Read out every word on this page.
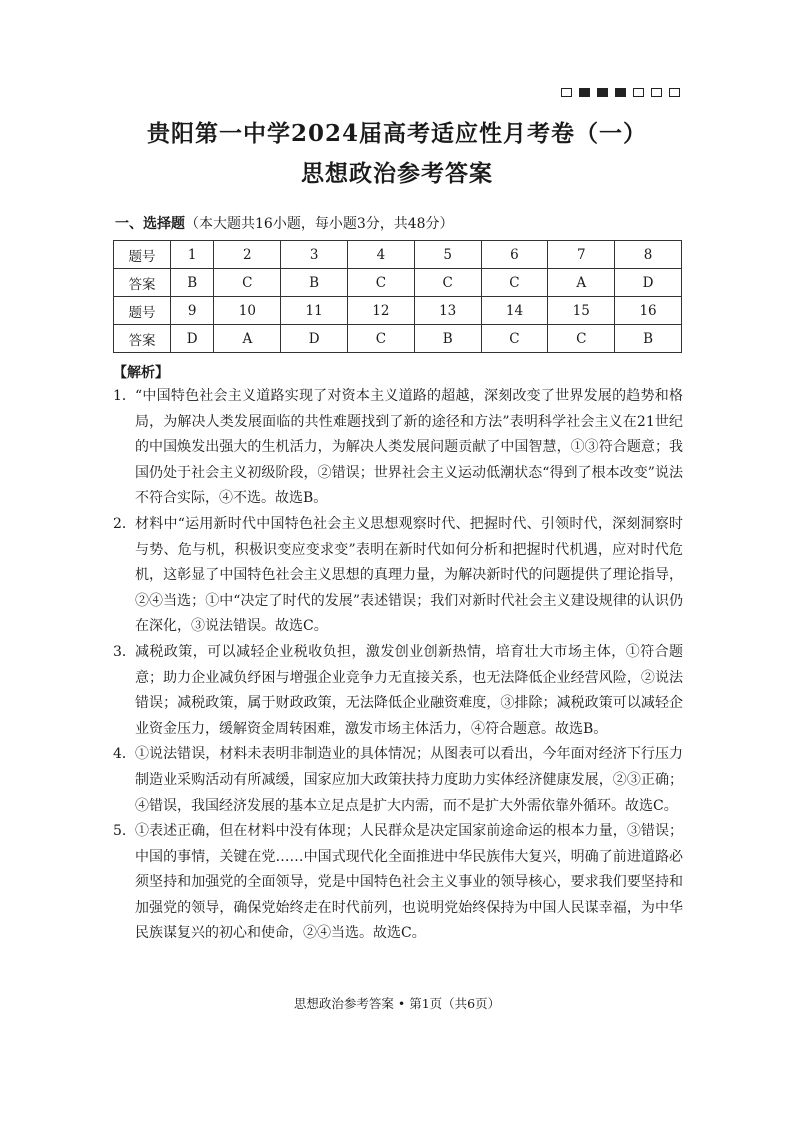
贵阳第一中学2024届高考适应性月考卷（一）
思想政治参考答案
一、选择题（本大题共16小题，每小题3分，共48分）
题号	1	2	3	4	5	6	7	8
答案	B	C	B	C	C	C	A	D
题号	9	10	11	12	13	14	15	16
答案	D	A	D	C	B	C	C	B
【解析】
1． “中国特色社会主义道路实现了对资本主义道路的超越，深刻改变了世界发展的趋势和格局，为解决人类发展面临的共性难题找到了新的途径和方法”表明科学社会主义在21世纪的中国焕发出强大的生机活力，为解决人类发展问题贡献了中国智慧，①③符合题意；我国仍处于社会主义初级阶段，②错误；世界社会主义运动低潮状态“得到了根本改变”说法不符合实际，④不选。故选B。
2． 材料中“运用新时代中国特色社会主义思想观察时代、把握时代、引领时代，深刻洞察时与势、危与机，积极识变应变求变”表明在新时代如何分析和把握时代机遇，应对时代危机，这彰显了中国特色社会主义思想的真理力量，为解决新时代的问题提供了理论指导，②④当选；①中“决定了时代的发展”表述错误；我们对新时代社会主义建设规律的认识仍在深化，③说法错误。故选C。
3． 减税政策，可以减轻企业税收负担，激发创业创新热情，培育壮大市场主体，①符合题意；助力企业减负纾困与增强企业竞争力无直接关系，也无法降低企业经营风险，②说法错误；减税政策，属于财政政策，无法降低企业融资难度，③排除；减税政策可以减轻企业资金压力，缓解资金周转困难，激发市场主体活力，④符合题意。故选B。
4． ①说法错误，材料未表明非制造业的具体情况；从图表可以看出，今年面对经济下行压力制造业采购活动有所减缓，国家应加大政策扶持力度助力实体经济健康发展，②③正确；④错误，我国经济发展的基本立足点是扩大内需，而不是扩大外需依靠外循环。故选C。
5． ①表述正确，但在材料中没有体现；人民群众是决定国家前途命运的根本力量，③错误；中国的事情，关键在党……中国式现代化全面推进中华民族伟大复兴，明确了前进道路必须坚持和加强党的全面领导，党是中国特色社会主义事业的领导核心，要求我们要坚持和加强党的领导，确保党始终走在时代前列，也说明党始终保持为中国人民谋幸福，为中华民族谋复兴的初心和使命，②④当选。故选C。
思想政治参考答案 • 第1页（共6页）
